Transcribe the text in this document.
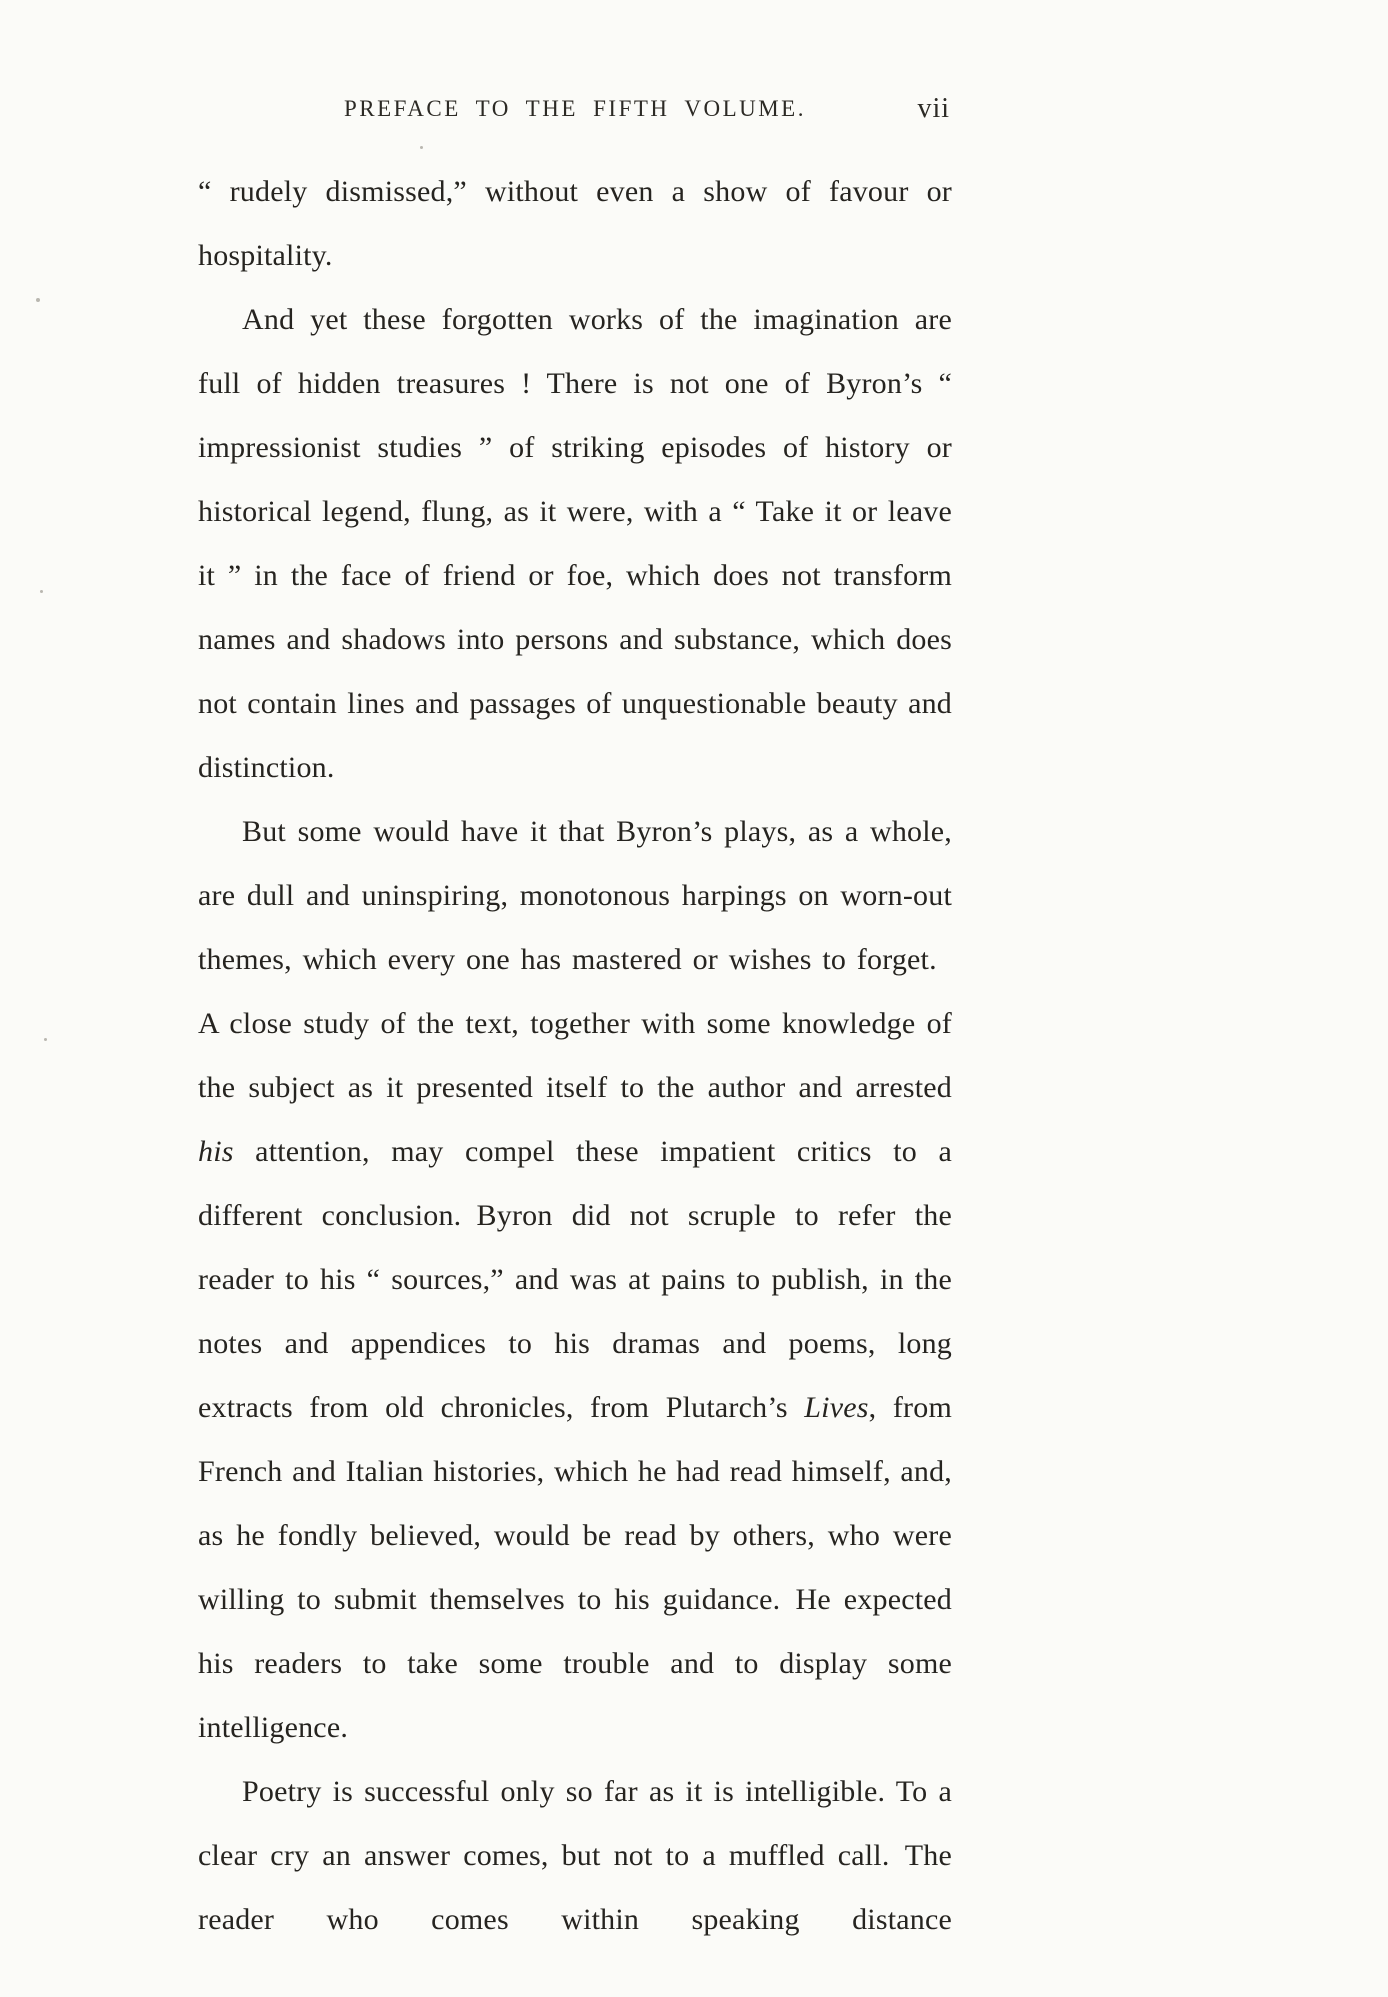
PREFACE TO THE FIFTH VOLUME.	vii

“ rudely dismissed,” without even a show of favour or hospitality.

And yet these forgotten works of the imagination are full of hidden treasures ! There is not one of Byron’s “ impressionist studies ” of striking episodes of history or historical legend, flung, as it were, with a “ Take it or leave it ” in the face of friend or foe, which does not transform names and shadows into persons and substance, which does not contain lines and passages of unquestionable beauty and distinction.

But some would have it that Byron’s plays, as a whole, are dull and uninspiring, monotonous harpings on worn-out themes, which every one has mastered or wishes to forget. A close study of the text, together with some knowledge of the subject as it presented itself to the author and arrested his attention, may compel these impatient critics to a different conclusion. Byron did not scruple to refer the reader to his “ sources,” and was at pains to publish, in the notes and appendices to his dramas and poems, long extracts from old chronicles, from Plutarch’s Lives, from French and Italian histories, which he had read himself, and, as he fondly believed, would be read by others, who were willing to submit themselves to his guidance. He expected his readers to take some trouble and to display some intelligence.

Poetry is successful only so far as it is intelligible. To a clear cry an answer comes, but not to a muffled call. The reader who comes within speaking distance
